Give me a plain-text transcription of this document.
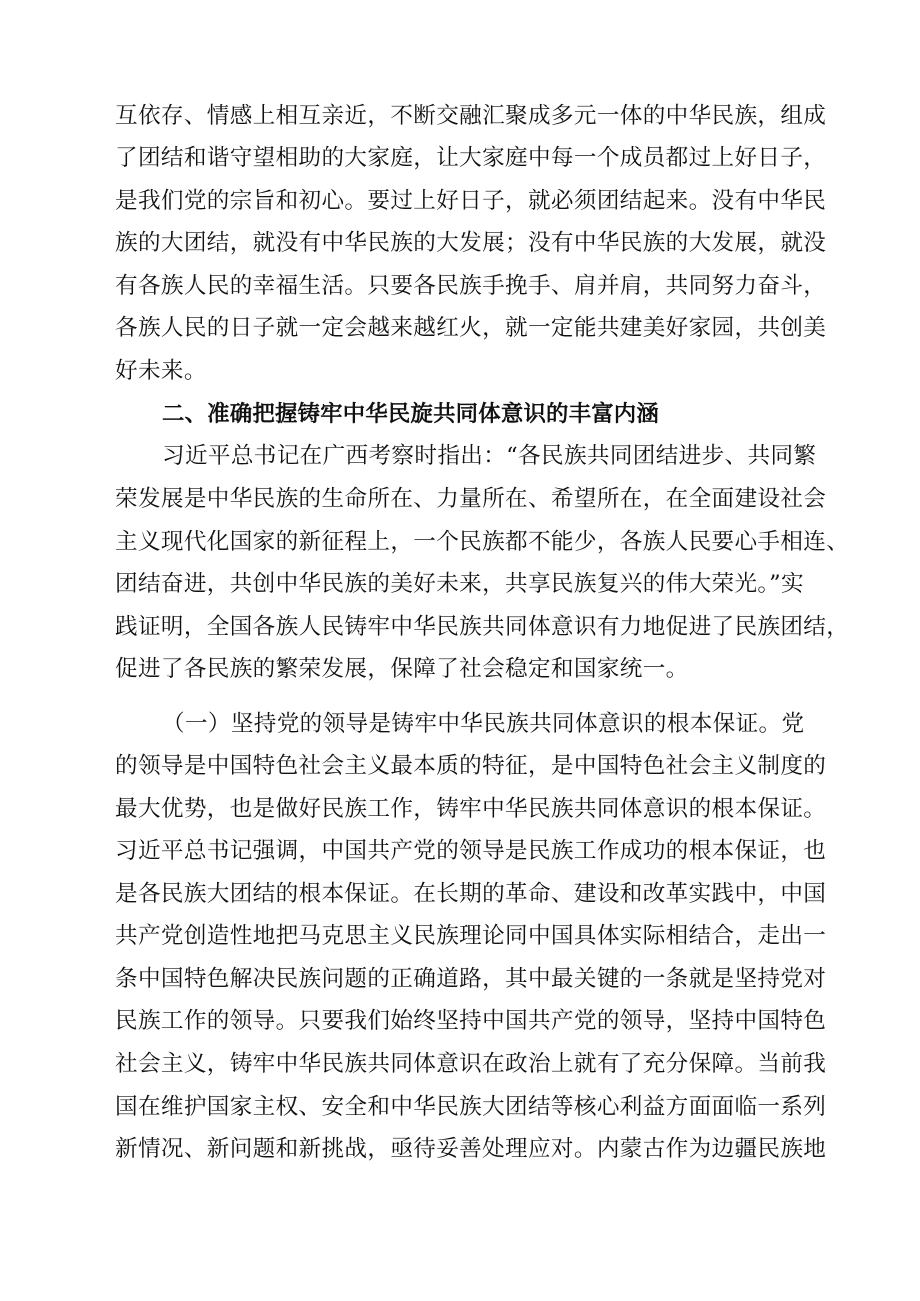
互依存、情感上相互亲近，不断交融汇聚成多元一体的中华民族，组成
了团结和谐守望相助的大家庭，让大家庭中每一个成员都过上好日子，
是我们党的宗旨和初心。要过上好日子，就必须团结起来。没有中华民
族的大团结，就没有中华民族的大发展；没有中华民族的大发展，就没
有各族人民的幸福生活。只要各民族手挽手、肩并肩，共同努力奋斗，
各族人民的日子就一定会越来越红火，就一定能共建美好家园，共创美
好未来。
二、准确把握铸牢中华民旋共同体意识的丰富内涵
习近平总书记在广西考察时指出：“各民族共同团结进步、共同繁
荣发展是中华民族的生命所在、力量所在、希望所在，在全面建设社会
主义现代化国家的新征程上，一个民族都不能少，各族人民要心手相连、
团结奋进，共创中华民族的美好未来，共享民族复兴的伟大荣光。”实
践证明，全国各族人民铸牢中华民族共同体意识有力地促进了民族团结，
促进了各民族的繁荣发展，保障了社会稳定和国家统一。
（一）坚持党的领导是铸牢中华民族共同体意识的根本保证。党
的领导是中国特色社会主义最本质的特征，是中国特色社会主义制度的
最大优势，也是做好民族工作，铸牢中华民族共同体意识的根本保证。
习近平总书记强调，中国共产党的领导是民族工作成功的根本保证，也
是各民族大团结的根本保证。在长期的革命、建设和改革实践中，中国
共产党创造性地把马克思主义民族理论同中国具体实际相结合，走出一
条中国特色解决民族问题的正确道路，其中最关键的一条就是坚持党对
民族工作的领导。只要我们始终坚持中国共产党的领导，坚持中国特色
社会主义，铸牢中华民族共同体意识在政治上就有了充分保障。当前我
国在维护国家主权、安全和中华民族大团结等核心利益方面面临一系列
新情况、新问题和新挑战，亟待妥善处理应对。内蒙古作为边疆民族地
